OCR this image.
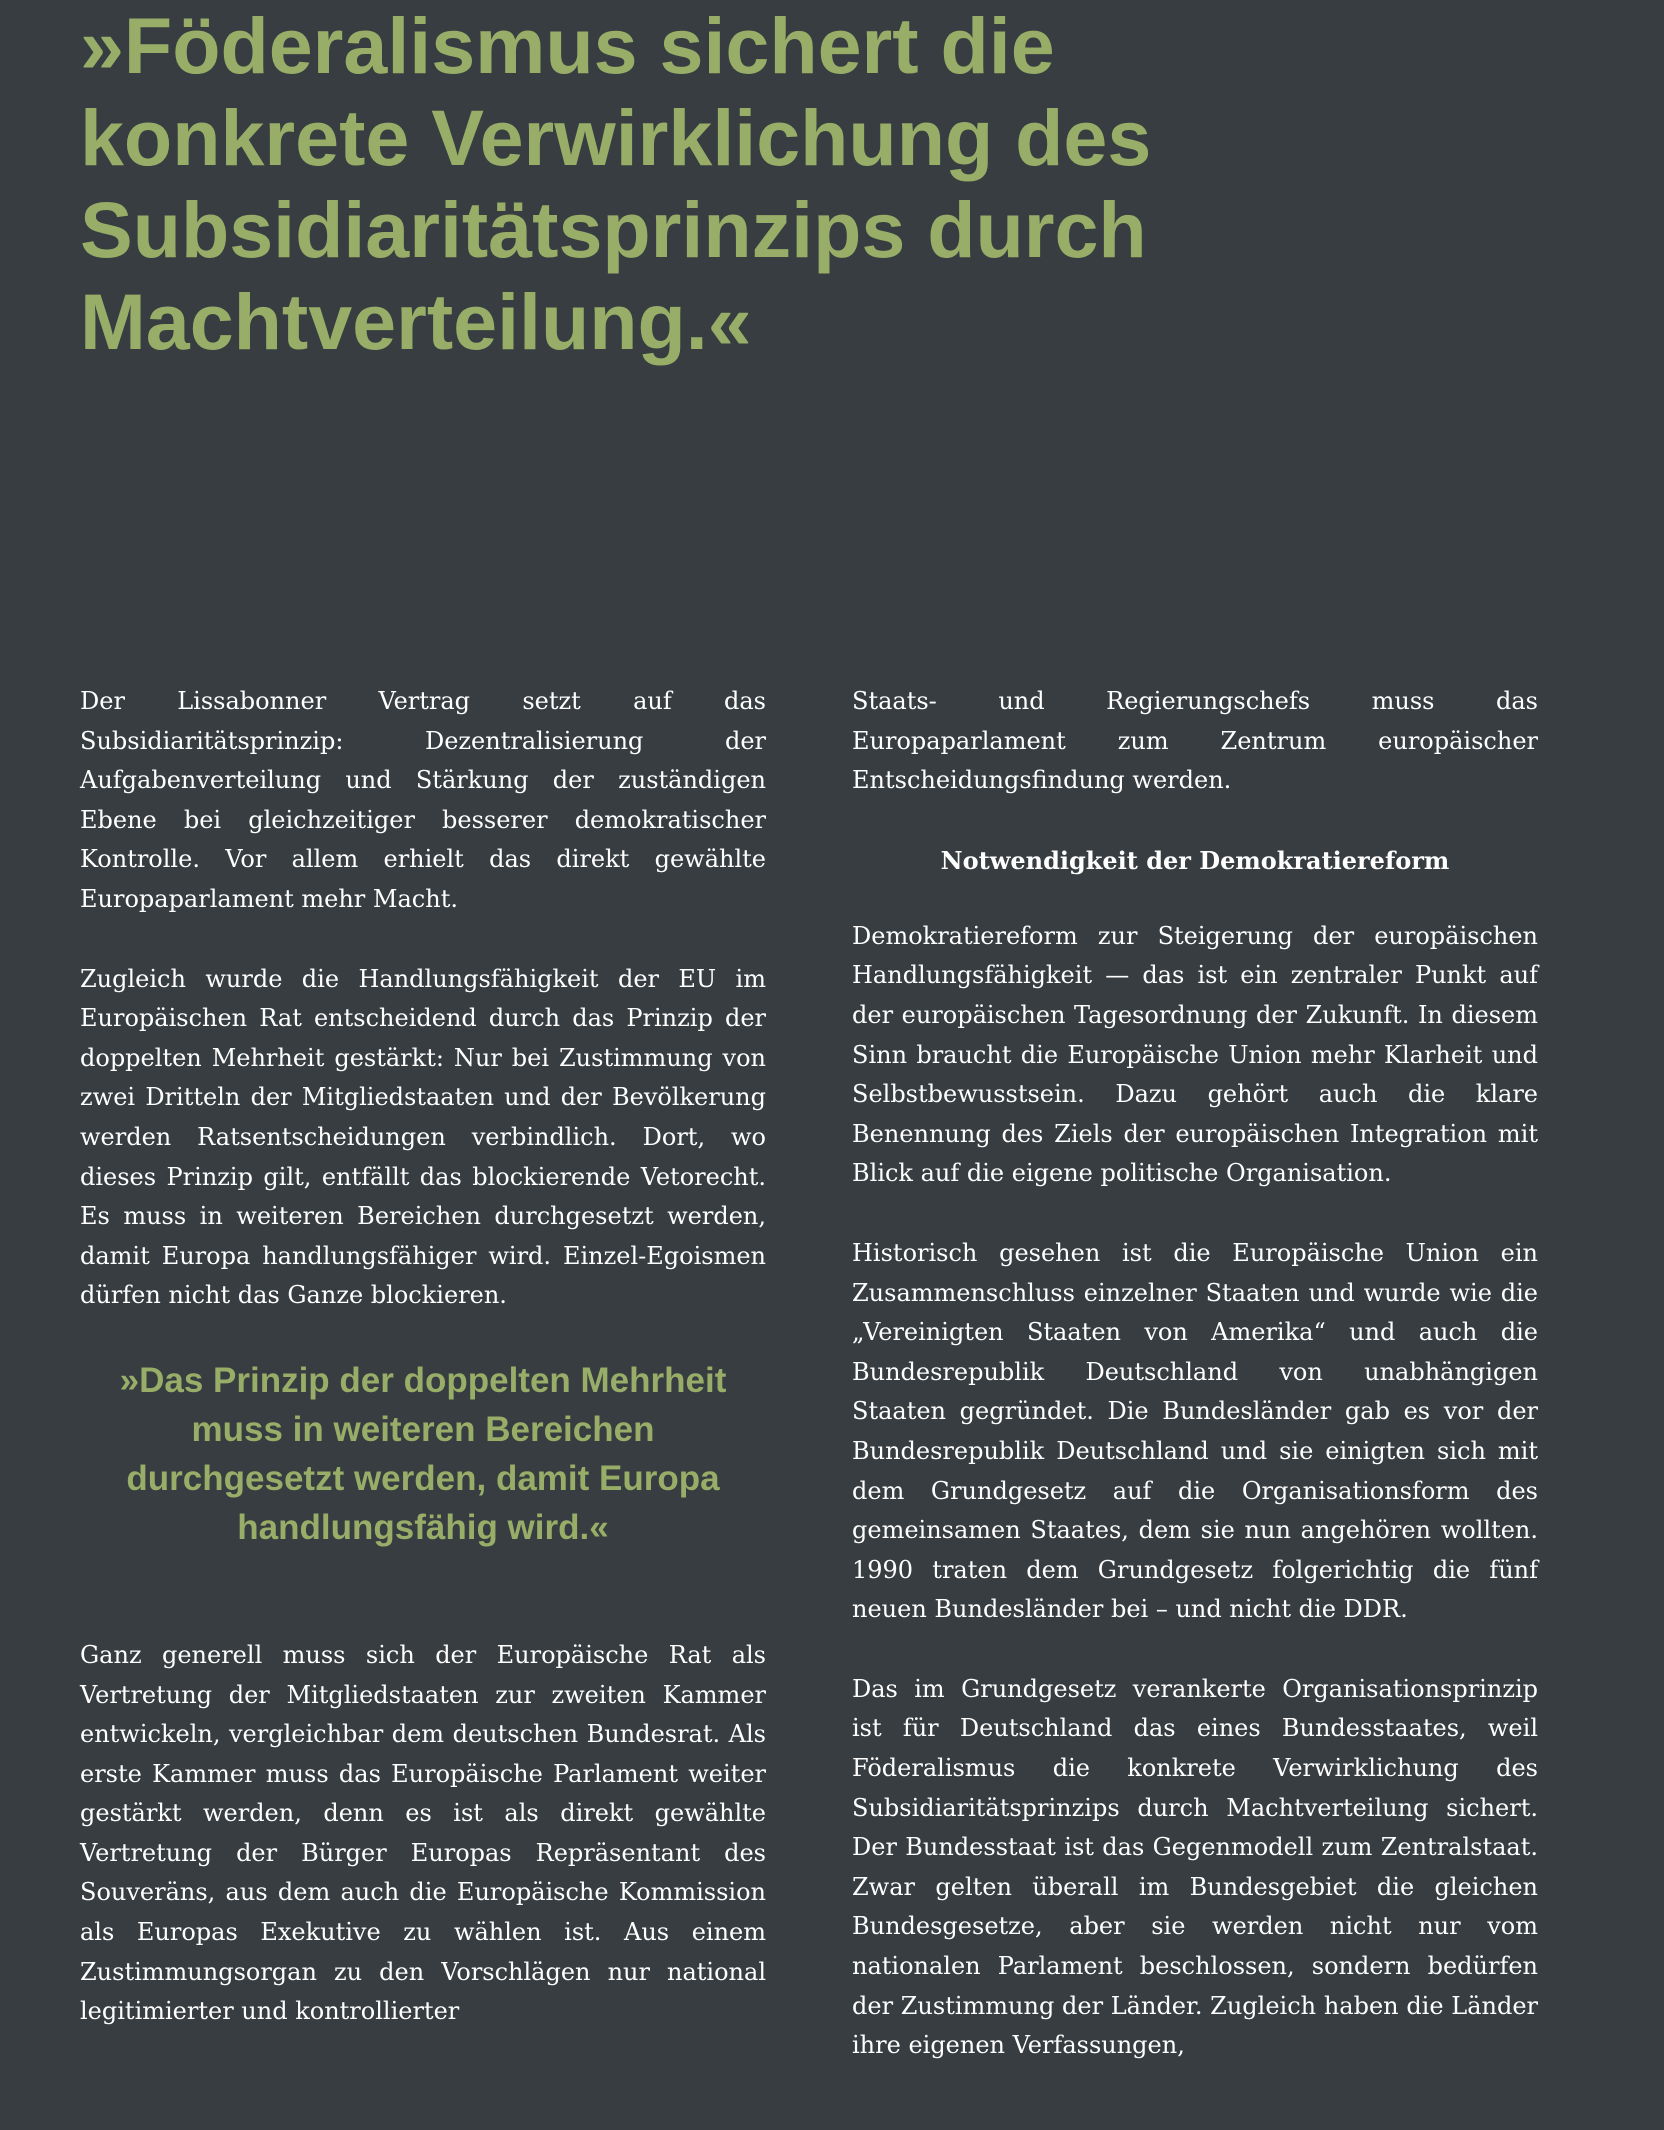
»Föderalismus sichert die konkrete Verwirklichung des Subsidiaritätsprinzips durch Machtverteilung.«

Der Lissabonner Vertrag setzt auf das Subsidiaritätsprinzip: Dezentralisierung der Aufgabenverteilung und Stärkung der zuständigen Ebene bei gleichzeitiger besserer demokratischer Kontrolle. Vor allem erhielt das direkt gewählte Europaparlament mehr Macht.

Zugleich wurde die Handlungsfähigkeit der EU im Europäischen Rat entscheidend durch das Prinzip der doppelten Mehrheit gestärkt: Nur bei Zustimmung von zwei Dritteln der Mitgliedstaaten und der Bevölkerung werden Ratsentscheidungen verbindlich. Dort, wo dieses Prinzip gilt, entfällt das blockierende Vetorecht. Es muss in weiteren Bereichen durchgesetzt werden, damit Europa handlungsfähiger wird. Einzel-Egoismen dürfen nicht das Ganze blockieren.

»Das Prinzip der doppelten Mehrheit muss in weiteren Bereichen durchgesetzt werden, damit Europa handlungsfähig wird.«

Ganz generell muss sich der Europäische Rat als Vertretung der Mitgliedstaaten zur zweiten Kammer entwickeln, vergleichbar dem deutschen Bundesrat. Als erste Kammer muss das Europäische Parlament weiter gestärkt werden, denn es ist als direkt gewählte Vertretung der Bürger Europas Repräsentant des Souveräns, aus dem auch die Europäische Kommission als Europas Exekutive zu wählen ist. Aus einem Zustimmungsorgan zu den Vorschlägen nur national legitimierter und kontrollierter

Staats- und Regierungschefs muss das Europaparlament zum Zentrum europäischer Entscheidungsfindung werden.

Notwendigkeit der Demokratiereform

Demokratiereform zur Steigerung der europäischen Handlungsfähigkeit — das ist ein zentraler Punkt auf der europäischen Tagesordnung der Zukunft. In diesem Sinn braucht die Europäische Union mehr Klarheit und Selbstbewusstsein. Dazu gehört auch die klare Benennung des Ziels der europäischen Integration mit Blick auf die eigene politische Organisation.

Historisch gesehen ist die Europäische Union ein Zusammenschluss einzelner Staaten und wurde wie die „Vereinigten Staaten von Amerika“ und auch die Bundesrepublik Deutschland von unabhängigen Staaten gegründet. Die Bundesländer gab es vor der Bundesrepublik Deutschland und sie einigten sich mit dem Grundgesetz auf die Organisationsform des gemeinsamen Staates, dem sie nun angehören wollten. 1990 traten dem Grundgesetz folgerichtig die fünf neuen Bundesländer bei – und nicht die DDR.

Das im Grundgesetz verankerte Organisationsprinzip ist für Deutschland das eines Bundesstaates, weil Föderalismus die konkrete Verwirklichung des Subsidiaritätsprinzips durch Machtverteilung sichert. Der Bundesstaat ist das Gegenmodell zum Zentralstaat. Zwar gelten überall im Bundesgebiet die gleichen Bundesgesetze, aber sie werden nicht nur vom nationalen Parlament beschlossen, sondern bedürfen der Zustimmung der Länder. Zugleich haben die Länder ihre eigenen Verfassungen,
